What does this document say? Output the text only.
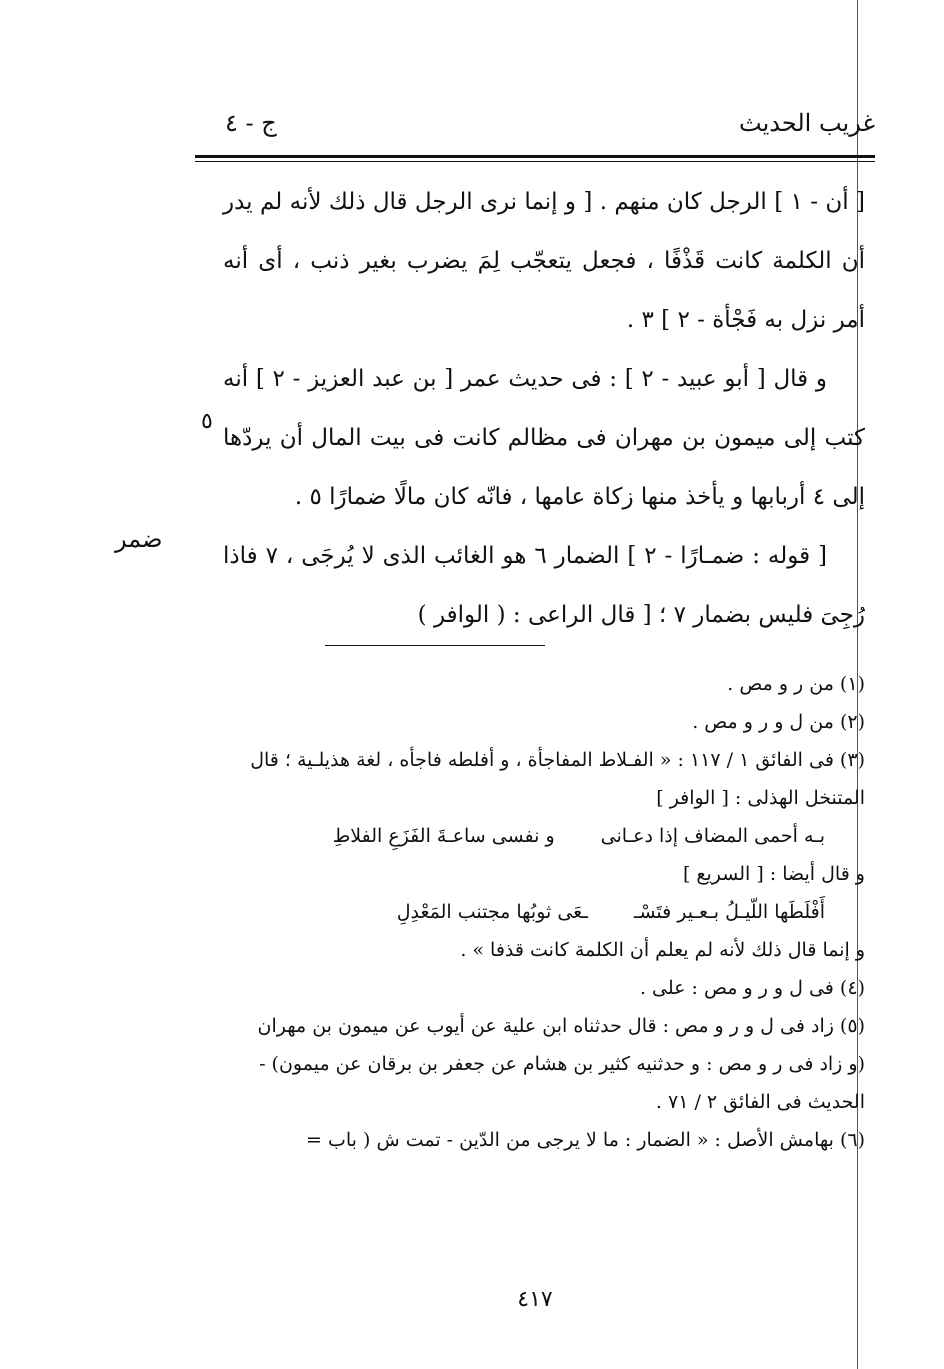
غريب الحديث
ج - ٤

[ أن - ١ ] الرجل كان منهم . [ و إنما نرى الرجل قال ذلك لأنه لم يدر أن الكلمة كانت قَذْفًا ، فجعل يتعجّب لِمَ يضرب بغير ذنب ، أى أنه أمر نزل به فَجْأة - ٢ ] ٣ .

و قال [ أبو عبيد - ٢ ] : فى حديث عمر [ بن عبد العزيز - ٢ ] أنه كتب إلى ميمون بن مهران فى مظالم كانت فى بيت المال أن يردّها إلى ٤ أربابها و يأخذ منها زكاة عامها ، فانّه كان مالًا ضمارًا ٥ .

[ قوله : ضمـارًا - ٢ ] الضمار ٦ هو الغائب الذى لا يُرجَى ، ٧ فاذا رُجِىَ فليس بضمار ٧ ؛ [ قال الراعى : ( الوافر )

٥
ضمر

(١) من ر و مص .

(٢) من ل و ر و مص .

(٣) فى الفائق ١ / ١١٧ : « الفـلاط المفاجأة ، و أفلطه فاجأه ، لغة هذيلـية ؛ قال المتنخل الهذلى : [ الوافر ]

بـه أحمى المضاف إذا دعـانى
و نفسى ساعـةَ الفَزَعِ الفلاطِ

و قال أيضا : [ السريع ]

أَفْلَطَها اللّيـلُ بـعـير فتَسْـ
ـعَى ثوبُها مجتنب المَعْدِلِ

و إنما قال ذلك لأنه لم يعلم أن الكلمة كانت قذفا » .

(٤) فى ل و ر و مص : على .

(٥) زاد فى ل و ر و مص : قال حدثناه ابن علية عن أيوب عن ميمون بن مهران

(و زاد فى ر و مص : و حدثنيه كثير بن هشام عن جعفر بن برقان عن ميمون) - الحديث فى الفائق ٢ / ٧١ .

(٦) بهامش الأصل : « الضمار : ما لا يرجى من الدّين - تمت ش ( باب =

٤١٧
